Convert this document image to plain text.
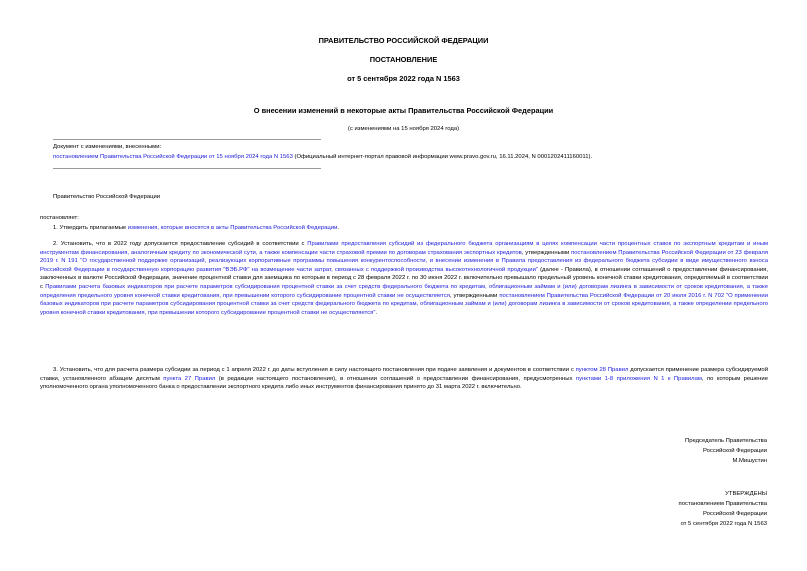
ПРАВИТЕЛЬСТВО РОССИЙСКОЙ ФЕДЕРАЦИИ
ПОСТАНОВЛЕНИЕ
от 5 сентября 2022 года N 1563
О внесении изменений в некоторые акты Правительства Российской Федерации
(с изменениями на 15 ноября 2024 года)
Документ с изменениями, внесенными:
постановлением Правительства Российской Федерации от 15 ноября 2024 года N 1563 (Официальный интернет-портал правовой информации www.pravo.gov.ru, 16.11.2024, N 0001202411160011).
Правительство Российской Федерации
постановляет:
1. Утвердить прилагаемые изменения, которые вносятся в акты Правительства Российской Федерации.
2. Установить, что в 2022 году допускается предоставление субсидий в соответствии с Правилами предоставления субсидий из федерального бюджета организациям в целях компенсации части процентных ставок по экспортным кредитам и иным инструментам финансирования, аналогичным кредиту по экономической сути, а также компенсации части страховой премии по договорам страхования экспортных кредитов, утвержденными постановлением Правительства Российской Федерации от 23 февраля 2019 г. N 191 "О государственной поддержке организаций, реализующих корпоративные программы повышения конкурентоспособности, и внесении изменения в Правила предоставления из федерального бюджета субсидии в виде имущественного взноса Российской Федерации в государственную корпорацию развития "ВЭБ.РФ" на возмещение части затрат, связанных с поддержкой производства высокотехнологичной продукции" (далее - Правила), в отношении соглашений о предоставлении финансирования, заключенных в валюте Российской Федерации, значение процентной ставки для заемщика по которым в период с 28 февраля 2022 г. по 30 июня 2022 г. включительно превышало предельный уровень конечной ставки кредитования, определяемый в соответствии с Правилами расчета базовых индикаторов при расчете параметров субсидирования процентной ставки за счет средств федерального бюджета по кредитам, облигационным займам и (или) договорам лизинга в зависимости от сроков кредитования, а также определения предельного уровня конечной ставки кредитования, при превышении которого субсидирование процентной ставки не осуществляется, утвержденными постановлением Правительства Российской Федерации от 20 июля 2016 г. N 702 "О применении базовых индикаторов при расчете параметров субсидирования процентной ставки за счет средств федерального бюджета по кредитам, облигационным займам и (или) договорам лизинга в зависимости от сроков кредитования, а также определении предельного уровня конечной ставки кредитования, при превышении которого субсидирование процентной ставки не осуществляется".
3. Установить, что для расчета размера субсидии за период с 1 апреля 2022 г. до даты вступления в силу настоящего постановления при подаче заявления и документов в соответствии с пунктом 28 Правил допускается применение размера субсидируемой ставки, установленного абзацем десятым пункта 27 Правил (в редакции настоящего постановления), в отношении соглашений о предоставлении финансирования, предусмотренных пунктами 1-8 приложения N 1 к Правилам, по которым решение уполномоченного органа уполномоченного банка о предоставлении экспортного кредита либо иных инструментов финансирования принято до 31 марта 2022 г. включительно.
Председатель Правительства
Российской Федерации
М.Мишустин
УТВЕРЖДЕНЫ
постановлением Правительства
Российской Федерации
от 5 сентября 2022 года N 1563
